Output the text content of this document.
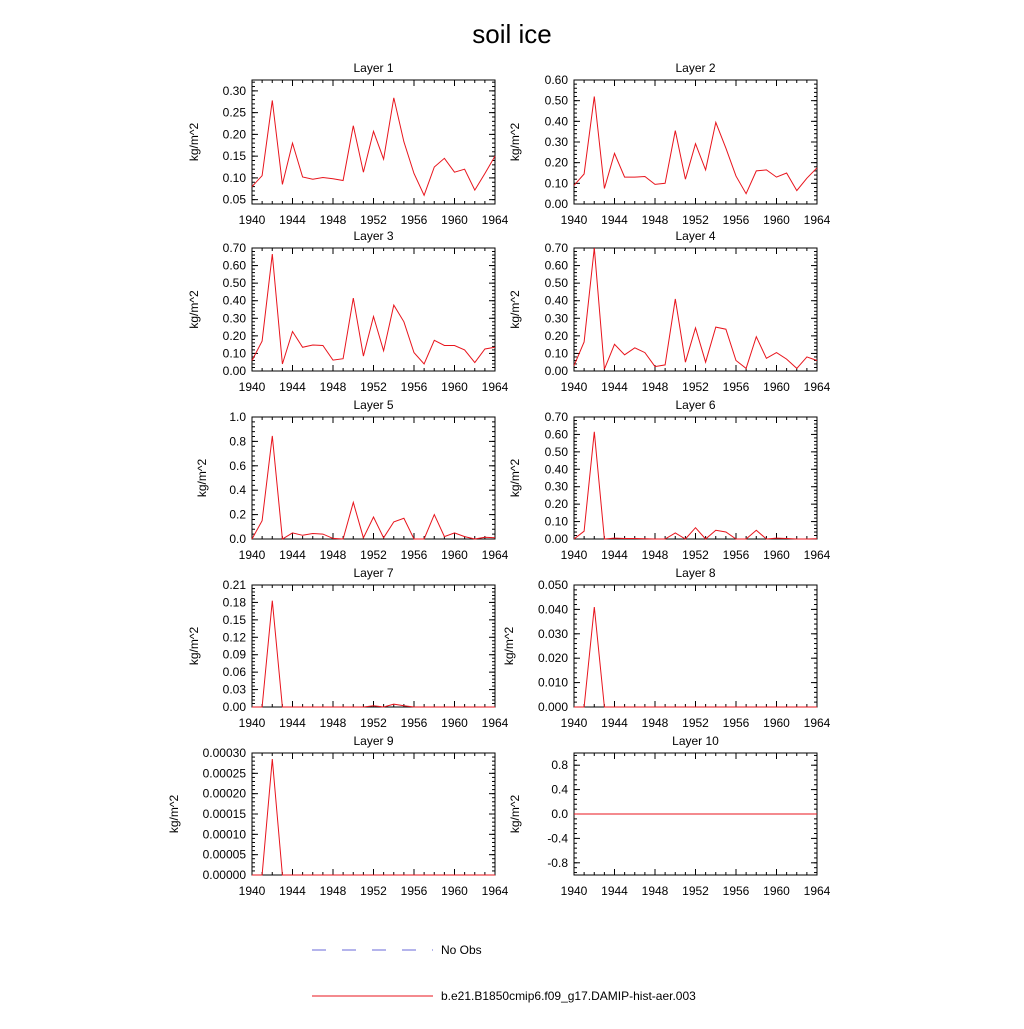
soil ice
Layer 1
1940 1944 1948 1952 1956 1960 1964
0.05
0.10
0.15
0.20
0.25
0.30
kg/m^2
Layer 2
1940 1944 1948 1952 1956 1960 1964
0.00
0.10
0.20
0.30
0.40
0.50
0.60
kg/m^2
Layer 3
1940 1944 1948 1952 1956 1960 1964
0.00
0.10
0.20
0.30
0.40
0.50
0.60
0.70
kg/m^2
Layer 4
1940 1944 1948 1952 1956 1960 1964
0.00
0.10
0.20
0.30
0.40
0.50
0.60
0.70
kg/m^2
Layer 5
1940 1944 1948 1952 1956 1960 1964
0.0
0.2
0.4
0.6
0.8
1.0
kg/m^2
Layer 6
1940 1944 1948 1952 1956 1960 1964
0.00
0.10
0.20
0.30
0.40
0.50
0.60
0.70
kg/m^2
Layer 7
1940 1944 1948 1952 1956 1960 1964
0.00
0.03
0.06
0.09
0.12
0.15
0.18
0.21
kg/m^2
Layer 8
1940 1944 1948 1952 1956 1960 1964
0.000
0.010
0.020
0.030
0.040
0.050
kg/m^2
Layer 9
1940 1944 1948 1952 1956 1960 1964
0.00000
0.00005
0.00010
0.00015
0.00020
0.00025
0.00030
kg/m^2
Layer 10
1940 1944 1948 1952 1956 1960 1964
-0.8
-0.4
0.0
0.4
0.8
kg/m^2
No Obs
b.e21.B1850cmip6.f09_g17.DAMIP-hist-aer.003
